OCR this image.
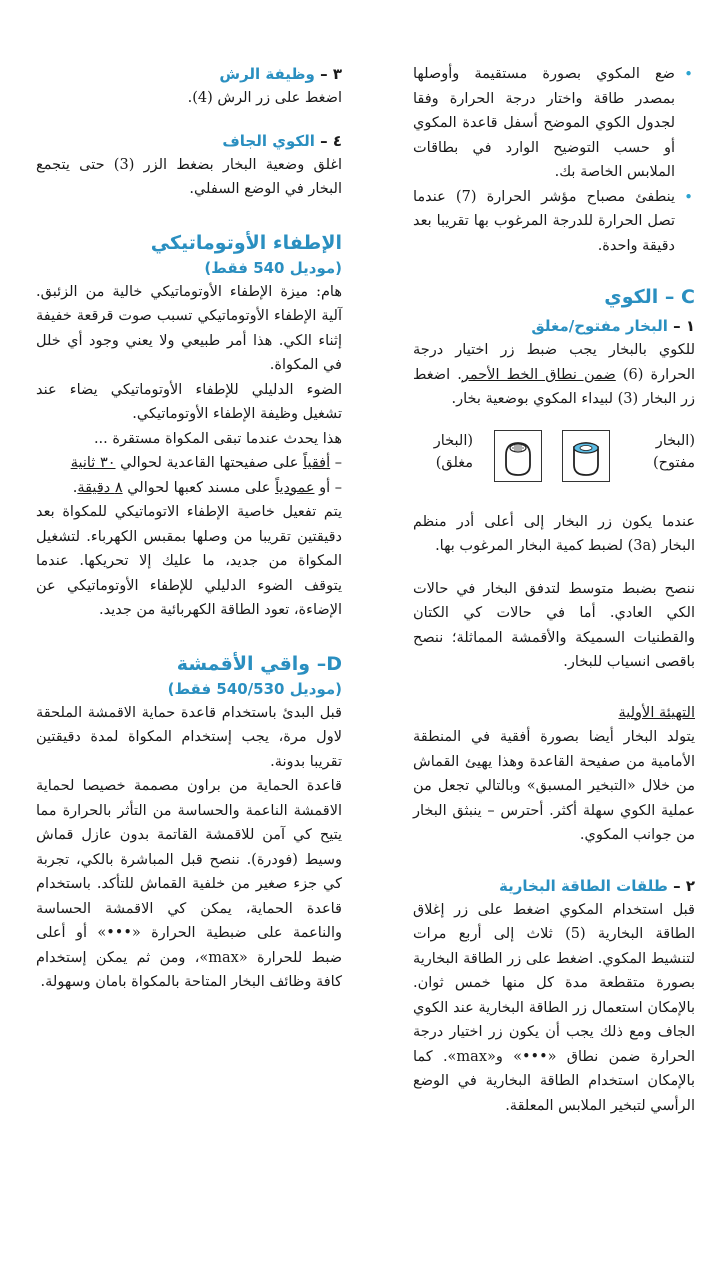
•
ضع المكوي بصورة مستقيمة وأوصلها بمصدر طاقة واختار درجة الحرارة وفقا لجدول الكوي الموضح أسفل قاعدة المكوي أو حسب التوضيح الوارد في بطاقات الملابس الخاصة بك.

•
ينطفئ مصباح مؤشر الحرارة (7) عندما تصل الحرارة للدرجة المرغوب بها تقريبا بعد دقيقة واحدة.

C – الكوي
١ – البخار مفتوح/مغلق

للكوي بالبخار يجب ضبط زر اختيار درجة الحرارة (6) ضمن نطاق الخط الأحمر. اضغط زر البخار (3) لبيداء المكوي بوضعية بخار.

(البخار مفتوح)
(البخار مغلق)

عندما يكون زر البخار إلى أعلى أدر منظم البخار (3a) لضبط كمية البخار المرغوب بها.

ننصح بضبط متوسط لتدفق البخار في حالات الكي العادي. أما في حالات كي الكتان والقطنيات السميكة والأقمشة المماثلة؛ ننصح باقصى انسياب للبخار.

التهيئة الأولية

يتولد البخار أيضا بصورة أفقية في المنطقة الأمامية من صفيحة القاعدة وهذا يهيئ القماش من خلال «التبخير المسبق» وبالتالي تجعل من عملية الكوي سهلة أكثر. أحترس – ينبثق البخار من جوانب المكوي.

٢ – طلقات الطاقة البخارية

قبل استخدام المكوي اضغط على زر إغلاق الطاقة البخارية (5) ثلاث إلى أربع مرات لتنشيط المكوي. اضغط على زر الطاقة البخارية بصورة متقطعة مدة كل منها خمس ثوان. بالإمكان استعمال زر الطاقة البخارية عند الكوي الجاف ومع ذلك يجب أن يكون زر اختيار درجة الحرارة ضمن نطاق «•••» و«max». كما بالإمكان استخدام الطاقة البخارية في الوضع الرأسي لتبخير الملابس المعلقة.

٣ – وظيفة الرش

اضغط على زر الرش (4).

٤ – الكوي الجاف

اغلق وضعية البخار بضغط الزر (3) حتى يتجمع البخار في الوضع السفلي.

الإطفاء الأوتوماتيكي

(موديل 540 فقط)

هام: ميزة الإطفاء الأوتوماتيكي خالية من الزئبق. آلية الإطفاء الأوتوماتيكي تسبب صوت قرقعة خفيفة إثناء الكي. هذا أمر طبيعي ولا يعني وجود أي خلل في المكواة.

الضوء الدليلي للإطفاء الأوتوماتيكي يضاء عند تشغيل وظيفة الإطفاء الأوتوماتيكي.

هذا يحدث عندما تبقى المكواة مستقرة ...

– أفقياً على صفيحتها القاعدية لحوالي ٣٠ ثانية

– أو عمودياً على مسند كعبها لحوالي ٨ دقيقة.

يتم تفعيل خاصية الإطفاء الاتوماتيكي للمكواة بعد دقيقتين تقريبا من وصلها بمقبس الكهرباء. لتشغيل المكواة من جديد، ما عليك إلا تحريكها. عندما يتوقف الضوء الدليلي للإطفاء الأوتوماتيكي عن الإضاءة، تعود الطاقة الكهربائية من جديد.

D– واقي الأقمشة

(موديل 540/530 فقط)

قبل البدئ باستخدام قاعدة حماية الاقمشة الملحقة لاول مرة، يجب إستخدام المكواة لمدة دقيقتين تقريبا بدونة.

قاعدة الحماية من براون مصممة خصيصا لحماية الاقمشة الناعمة والحساسة من التأثر بالحرارة مما يتيح كي آمن للاقمشة القاتمة بدون عازل قماش وسيط (فودرة). ننصح قبل المباشرة بالكي، تجربة كي جزء صغير من خلفية القماش للتأكد. باستخدام قاعدة الحماية، يمكن كي الاقمشة الحساسة والناعمة على ضبطية الحرارة «•••» أو أعلى ضبط للحرارة «max»، ومن ثم يمكن إستخدام كافة وظائف البخار المتاحة بالمكواة بامان وسهولة.
